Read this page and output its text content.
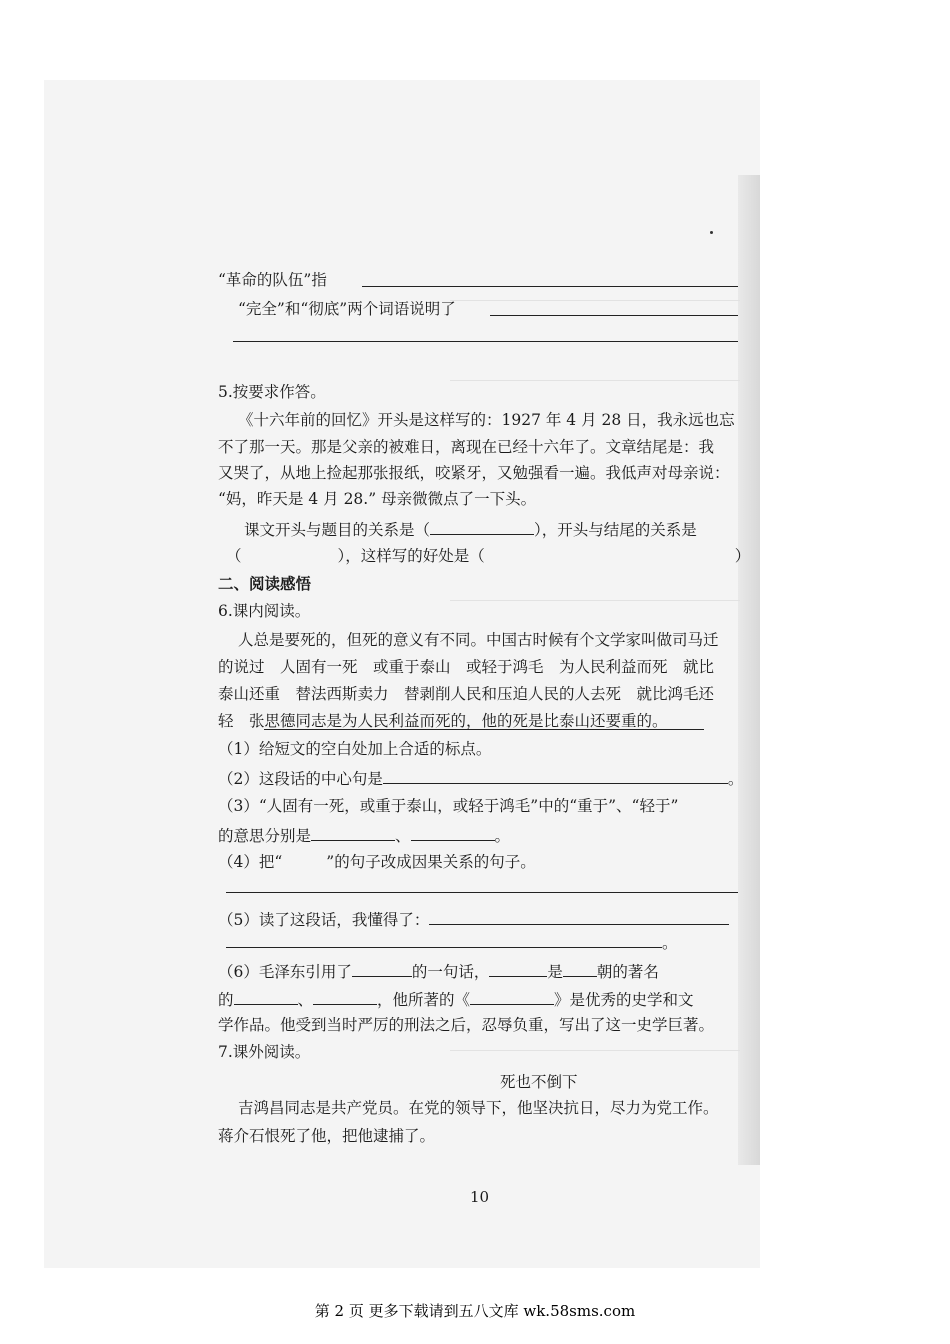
“革命的队伍”指
“完全”和“彻底”两个词语说明了
5.按要求作答。
《十六年前的回忆》开头是这样写的：1927 年 4 月 28 日，我永远也忘
不了那一天。那是父亲的被难日，离现在已经十六年了。文章结尾是：我
又哭了，从地上捡起那张报纸，咬紧牙，又勉强看一遍。我低声对母亲说：
“妈，昨天是 4 月 28.” 母亲微微点了一下头。
课文开头与题目的关系是（	），开头与结尾的关系是
（	），这样写的好处是（	）
二、阅读感悟
6.课内阅读。
人总是要死的，但死的意义有不同。中国古时候有个文学家叫做司马迁
的说过　人固有一死　或重于泰山　或轻于鸿毛　为人民利益而死　就比
泰山还重　替法西斯卖力　替剥削人民和压迫人民的人去死　就比鸿毛还
轻　张思德同志是为人民利益而死的，他的死是比泰山还要重的。
（1）给短文的空白处加上合适的标点。
（2）这段话的中心句是	。
（3）“人固有一死，或重于泰山，或轻于鸿毛”中的“重于”、“轻于”
的意思分别是	、	。
（4）把“	”的句子改成因果关系的句子。
（5）读了这段话，我懂得了：
。
（6）毛泽东引用了	的一句话，	是 朝的著名
的	、	，他所著的《	》是优秀的史学和文
学作品。他受到当时严厉的刑法之后，忍辱负重，写出了这一史学巨著。
7.课外阅读。
死也不倒下
吉鸿昌同志是共产党员。在党的领导下，他坚决抗日，尽力为党工作。
蒋介石恨死了他，把他逮捕了。
10
第 2 页 更多下载请到五八文库 wk.58sms.com
